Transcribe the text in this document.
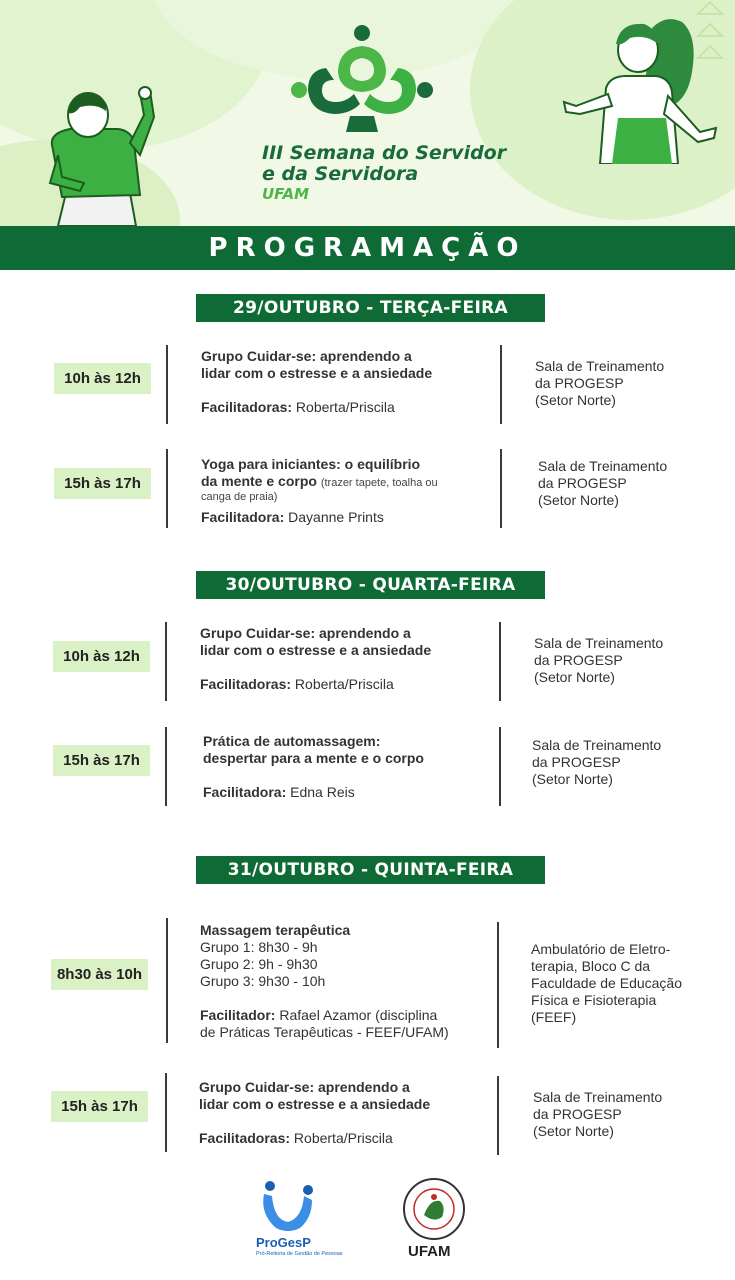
III Semana do Servidor
e da Servidora
UFAM
PROGRAMAÇÃO
29/OUTUBRO - TERÇA-FEIRA
10h às 12h
Grupo Cuidar-se: aprendendo a
lidar com o estresse e a ansiedade
Facilitadoras: Roberta/Priscila
Sala de Treinamento
da PROGESP
(Setor Norte)
15h às 17h
Yoga para iniciantes: o equilíbrio
da mente e corpo (trazer tapete, toalha ou
canga de praia)
Facilitadora: Dayanne Prints
Sala de Treinamento
da PROGESP
(Setor Norte)
30/OUTUBRO - QUARTA-FEIRA
10h às 12h
Grupo Cuidar-se: aprendendo a
lidar com o estresse e a ansiedade
Facilitadoras: Roberta/Priscila
Sala de Treinamento
da PROGESP
(Setor Norte)
15h às 17h
Prática de automassagem:
despertar para a mente e o corpo
Facilitadora: Edna Reis
Sala de Treinamento
da PROGESP
(Setor Norte)
31/OUTUBRO - QUINTA-FEIRA
8h30 às 10h
Massagem terapêutica
Grupo 1: 8h30 - 9h
Grupo 2: 9h - 9h30
Grupo 3: 9h30 - 10h
Facilitador: Rafael Azamor (disciplina
de Práticas Terapêuticas - FEEF/UFAM)
Ambulatório de Eletro-
terapia, Bloco C da
Faculdade de Educação
Física e Fisioterapia
(FEEF)
15h às 17h
Grupo Cuidar-se: aprendendo a
lidar com o estresse e a ansiedade
Facilitadoras: Roberta/Priscila
Sala de Treinamento
da PROGESP
(Setor Norte)
ProGesP
Pró-Reitoria de Gestão de Pessoas	UFAM
